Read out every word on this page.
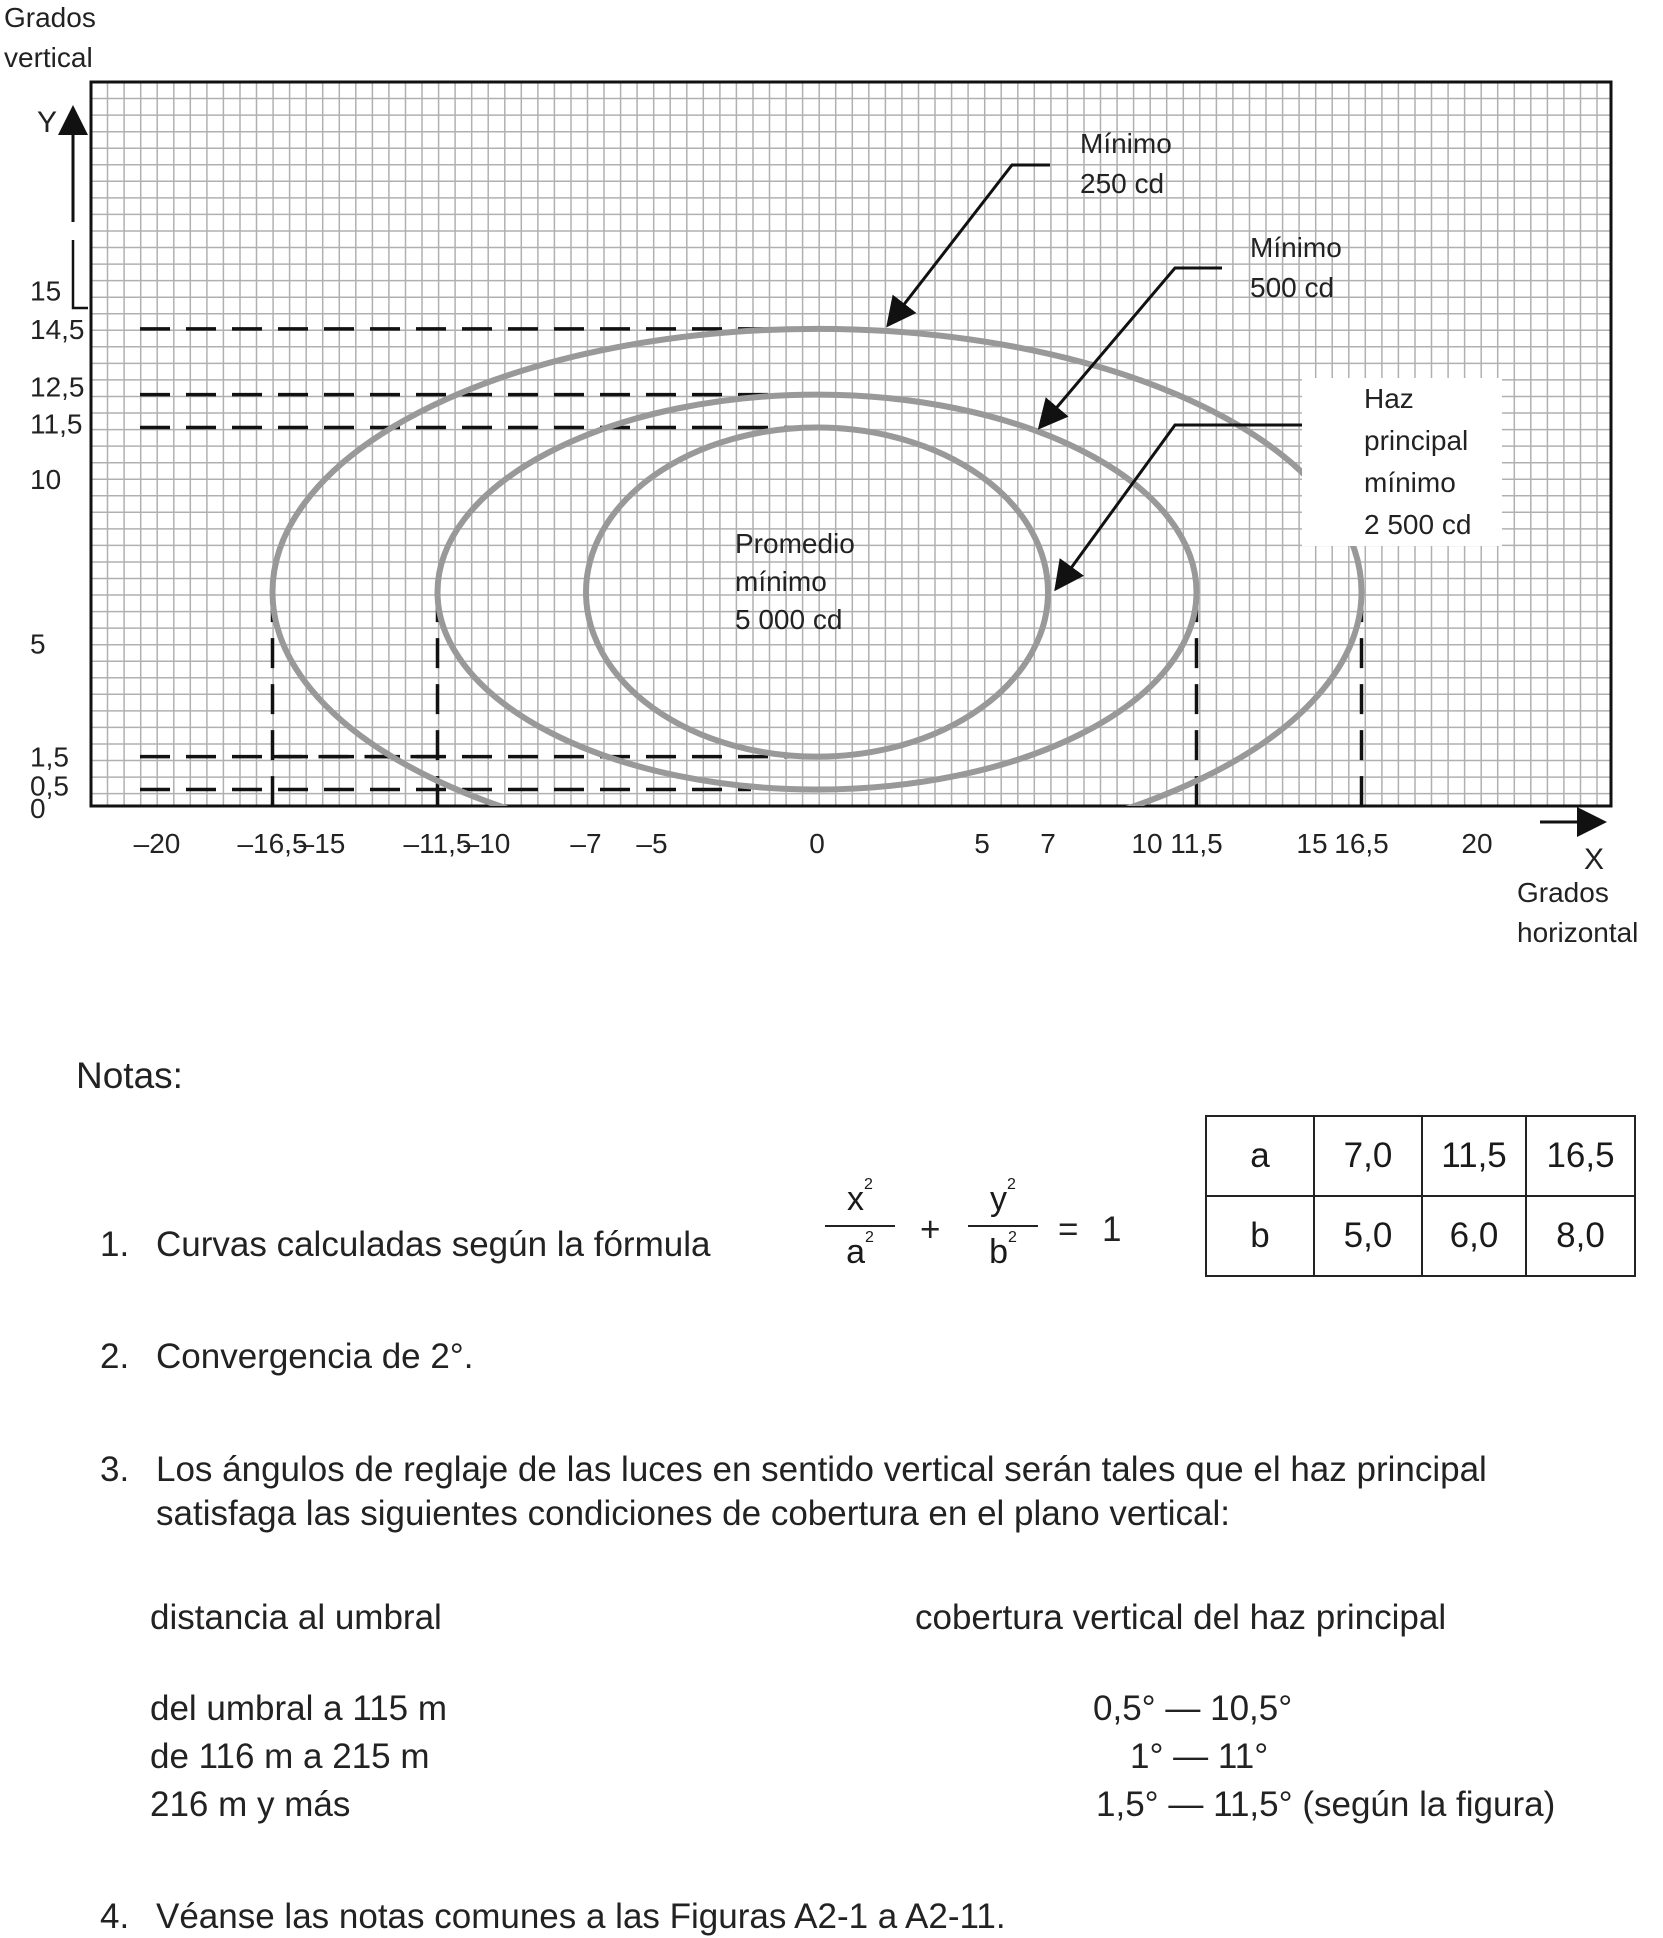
Grados
vertical
Y
X
Grados
horizontal
0
0,5
1,5
5
10
11,5
12,5
14,5
15
–20 –16,5
–15 –11,5
–10 –7 –5	0	5 7	10 11,5	15 16,5	20
Mínimo
250 cd
Mínimo
500 cd
Haz
principal
mínimo
2 500 cd
Promedio
mínimo
5 000 cd
Notas:
1. Curvas calculadas según la fórmula
$x^2$
$a^2$	+
$y^2$
$b^2$	= 1
a	7,0	11,5	16,5
b	5,0	6,0	8,0
2. Convergencia de 2°.
3. Los ángulos de reglaje de las luces en sentido vertical serán tales que el haz principal
satisfaga las siguientes condiciones de cobertura en el plano vertical:
distancia al umbral	cobertura vertical del haz principal
del umbral a 115 m	0,5° — 10,5°
de 116 m a 215 m	1° — 11°
216 m y más	1,5° — 11,5° (según la figura)
4. Véanse las notas comunes a las Figuras A2-1 a A2-11.
